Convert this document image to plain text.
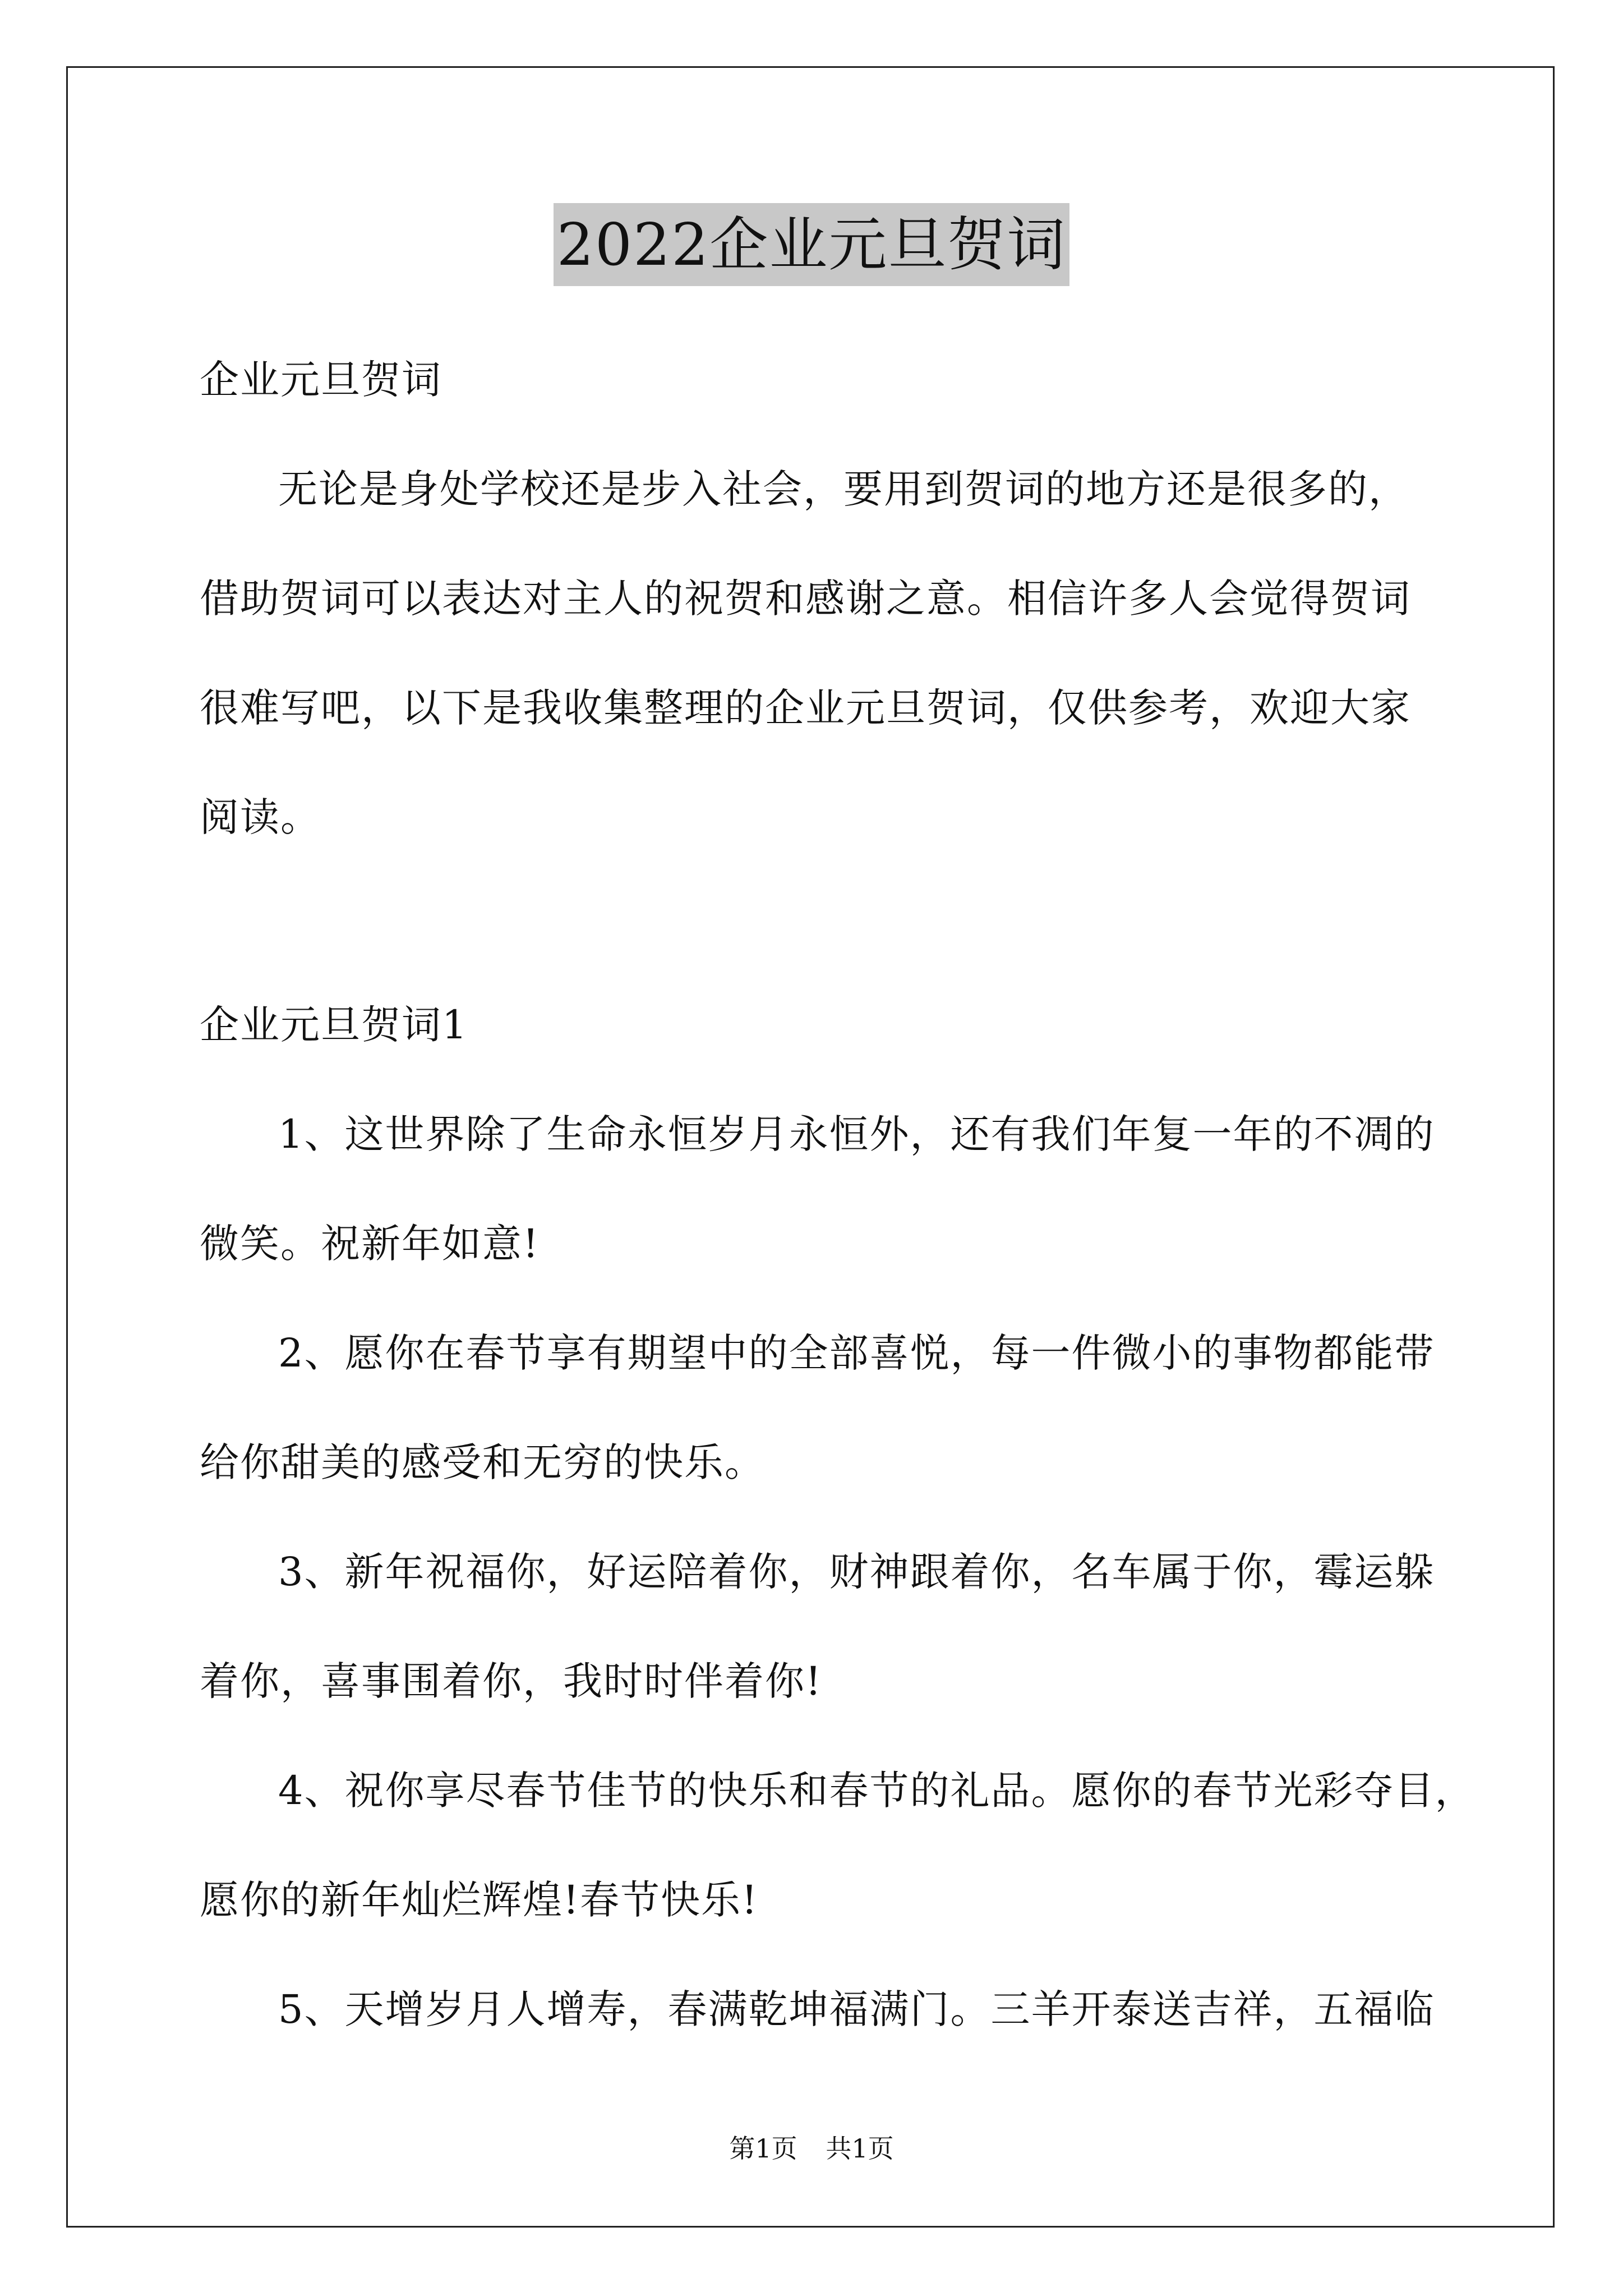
2022企业元旦贺词
企业元旦贺词
无论是身处学校还是步入社会，要用到贺词的地方还是很多的，
借助贺词可以表达对主人的祝贺和感谢之意。相信许多人会觉得贺词
很难写吧，以下是我收集整理的企业元旦贺词，仅供参考，欢迎大家
阅读。
企业元旦贺词1
1、这世界除了生命永恒岁月永恒外，还有我们年复一年的不凋的
微笑。祝新年如意!
2、愿你在春节享有期望中的全部喜悦，每一件微小的事物都能带
给你甜美的感受和无穷的快乐。
3、新年祝福你，好运陪着你，财神跟着你，名车属于你，霉运躲
着你，喜事围着你，我时时伴着你!
4、祝你享尽春节佳节的快乐和春节的礼品。愿你的春节光彩夺目，
愿你的新年灿烂辉煌!春节快乐!
5、天增岁月人增寿，春满乾坤福满门。三羊开泰送吉祥，五福临
第1页 共1页
